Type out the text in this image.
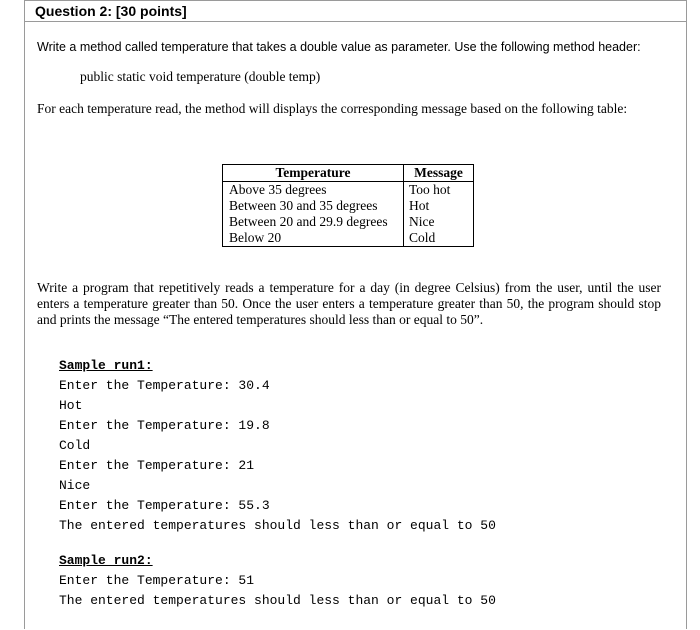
Question 2: [30 points]
Write a method called temperature that takes a double value as parameter. Use the following method header:
public static void temperature (double temp)
For each temperature read, the method will displays the corresponding message based on the following table:
Temperature	Message
Above 35 degrees	Too hot
Between 30 and 35 degrees	Hot
Between 20 and 29.9 degrees	Nice
Below 20	Cold
Write a program that repetitively reads a temperature for a day (in degree Celsius) from the user, until the user enters a temperature greater than 50. Once the user enters a temperature greater than 50, the program should stop and prints the message “The entered temperatures should less than or equal to 50”.
Sample run1:
Enter the Temperature: 30.4
Hot
Enter the Temperature: 19.8
Cold
Enter the Temperature: 21
Nice
Enter the Temperature: 55.3
The entered temperatures should less than or equal to 50
Sample run2:
Enter the Temperature: 51
The entered temperatures should less than or equal to 50
